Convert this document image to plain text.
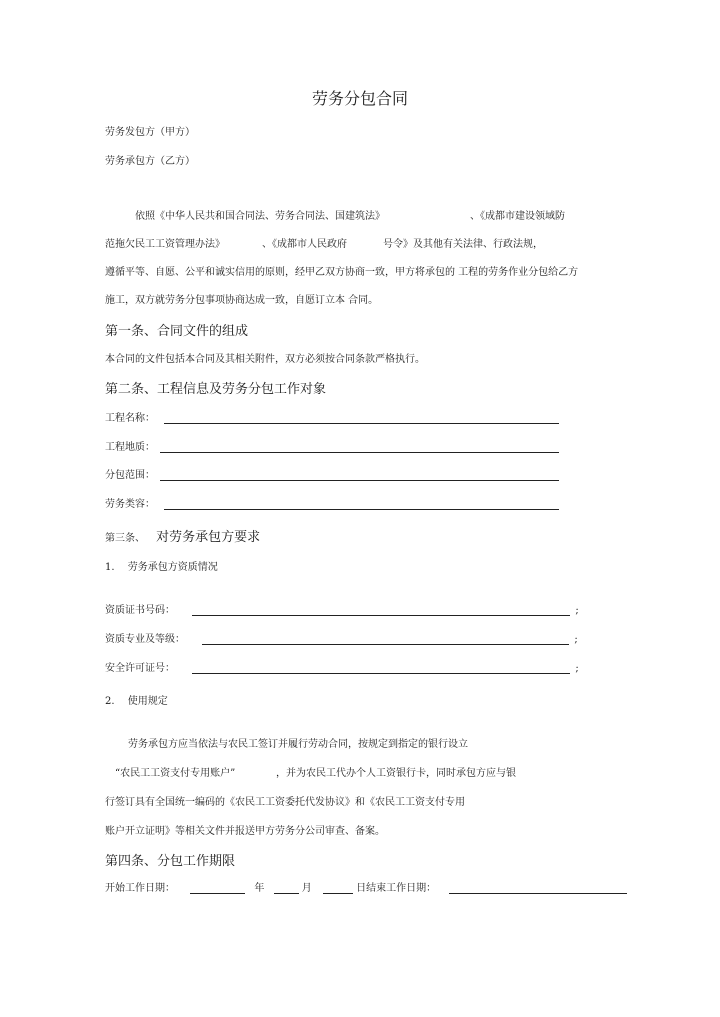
劳务分包合同
劳务发包方（甲方）
劳务承包方（乙方）
依照《中华人民共和国合同法、劳务合同法、国建筑法》	、《成都市建设领域防
范拖欠民工工资管理办法》	、《成都市人民政府	号令》及其他有关法律、行政法规，
遵循平等、自愿、公平和诚实信用的原则，经甲乙双方协商一致，甲方将承包的 工程的劳务作业分包给乙方
施工，双方就劳务分包事项协商达成一致，自愿订立本 合同。
第一条、合同文件的组成
本合同的文件包括本合同及其相关附件，双方必须按合同条款严格执行。
第二条、工程信息及劳务分包工作对象
工程名称：
工程地质：
分包范围：
劳务类容：
第三条、 对劳务承包方要求
1. 劳务承包方资质情况
资质证书号码：	;
资质专业及等级：	;
安全许可证号：	;
2. 使用规定
劳务承包方应当依法与农民工签订并履行劳动合同，按规定到指定的银行设立
“农民工工资支付专用账户”	，并为农民工代办个人工资银行卡，同时承包方应与银
行签订具有全国统一编码的《农民工工资委托代发协议》和《农民工工资支付专用
账户开立证明》等相关文件并报送甲方劳务分公司审查、备案。
第四条、分包工作期限
开始工作日期：	年	月	日结束工作日期：
